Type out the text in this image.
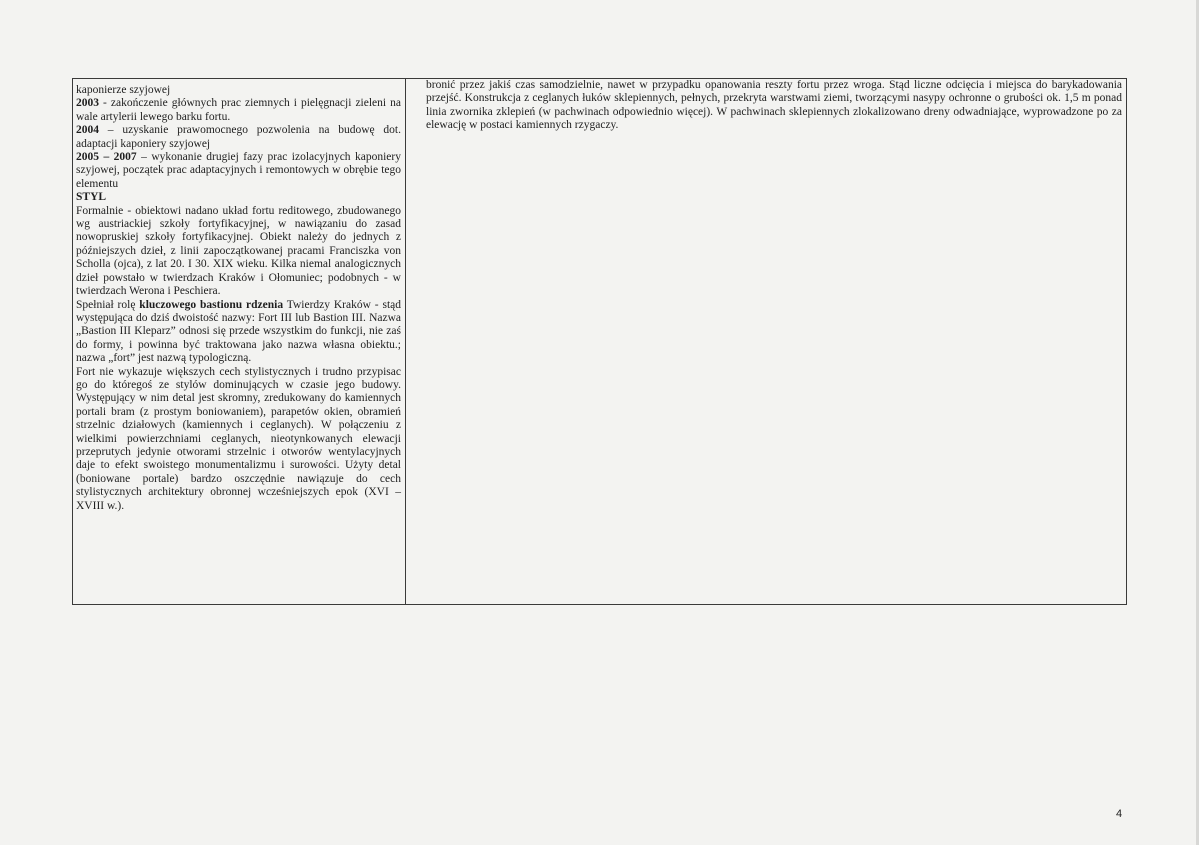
kaponierze szyjowej

2003 - zakończenie głównych prac ziemnych i pielęgnacji zieleni na wale artylerii lewego barku fortu.

2004 – uzyskanie prawomocnego pozwolenia na budowę dot. adaptacji kaponiery szyjowej

2005 – 2007 – wykonanie drugiej fazy prac izolacyjnych kaponiery szyjowej, początek prac adaptacyjnych i remontowych w obrębie tego elementu

STYL

Formalnie - obiektowi nadano układ fortu reditowego, zbudowanego wg austriackiej szkoły fortyfikacyjnej, w nawiązaniu do zasad nowopruskiej szkoły fortyfikacyjnej. Obiekt należy do jednych z późniejszych dzieł, z linii zapoczątkowanej pracami Franciszka von Scholla (ojca), z lat 20. I 30. XIX wieku. Kilka niemal analogicznych dzieł powstało w twierdzach Kraków i Ołomuniec; podobnych - w twierdzach Werona i Peschiera.

Spełniał rolę kluczowego bastionu rdzenia Twierdzy Kraków - stąd występująca do dziś dwoistość nazwy: Fort III lub Bastion III. Nazwa „Bastion III Kleparz” odnosi się przede wszystkim do funkcji, nie zaś do formy, i powinna być traktowana jako nazwa własna obiektu.; nazwa „fort” jest nazwą typologiczną.

Fort nie wykazuje większych cech stylistycznych i trudno przypisac go do któregoś ze stylów dominujących w czasie jego budowy. Występujący w nim detal jest skromny, zredukowany do kamiennych portali bram (z prostym boniowaniem), parapetów okien, obramień strzelnic działowych (kamiennych i ceglanych). W połączeniu z wielkimi powierzchniami ceglanych, nieotynkowanych elewacji przeprutych jedynie otworami strzelnic i otworów wentylacyjnych daje to efekt swoistego monumentalizmu i surowości. Użyty detal (boniowane portale) bardzo oszczędnie nawiązuje do cech stylistycznych architektury obronnej wcześniejszych epok (XVI – XVIII w.).

bronić przez jakiś czas samodzielnie, nawet w przypadku opanowania reszty fortu przez wroga. Stąd liczne odcięcia i miejsca do barykadowania przejść. Konstrukcja z ceglanych łuków sklepiennych, pełnych, przekryta warstwami ziemi, tworzącymi nasypy ochronne o grubości ok. 1,5 m ponad linia zwornika zklepień (w pachwinach odpowiednio więcej). W pachwinach sklepiennych zlokalizowano dreny odwadniające, wyprowadzone po za elewację w postaci kamiennych rzygaczy.

4
